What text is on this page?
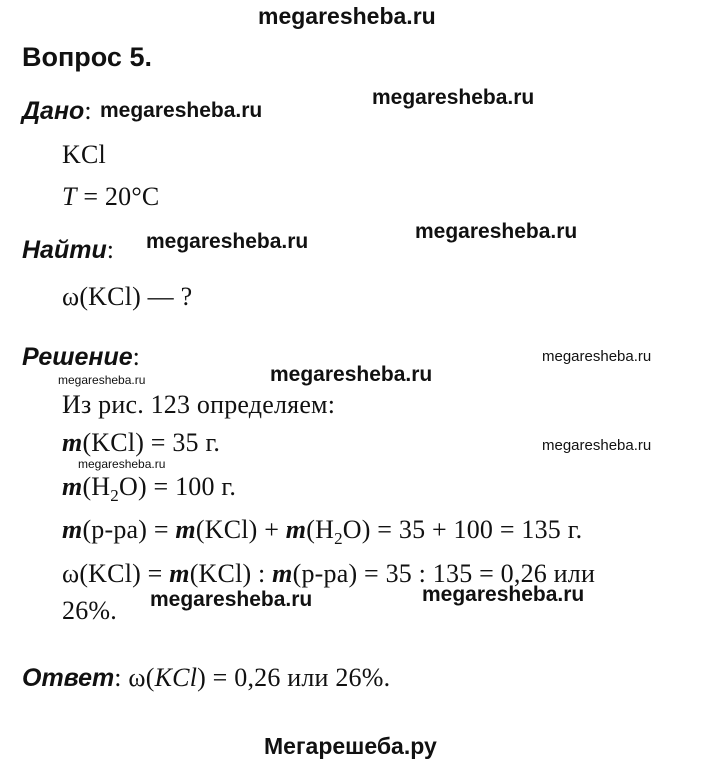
megaresheba.ru
Вопрос 5.
Дано: megaresheba.ru
megaresheba.ru
KCl
T = 20°C
megaresheba.ru
Найти: megaresheba.ru
ω(KCl) — ?
Решение:	megaresheba.ru
megaresheba.ru	megaresheba.ru
Из рис. 123 определяем:
m(KCl) = 35 г.	megaresheba.ru
megaresheba.ru
$m(H_2O) = 100$ г.
$m(р-ра) = m(KCl) + m(H_2O) = 35 + 100 = 135$ г.
ω(KCl) = m(KCl) : m(р-ра) = 35 : 135 = 0,26 или
26%. megaresheba.ru	megaresheba.ru
Ответ: ω(KCl) = 0,26 или 26%.
Мегарешеба.ру
